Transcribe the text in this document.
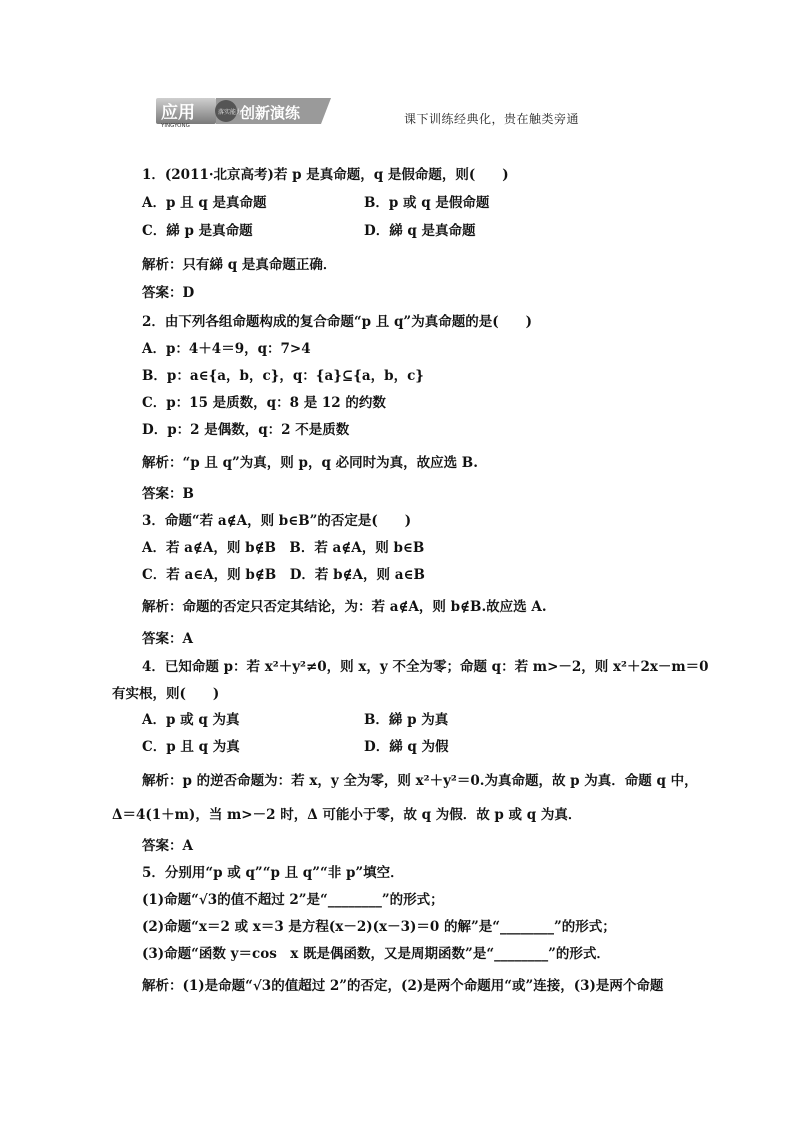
应用
YINGYONG
落实能力
创新演练	课下训练经典化，贵在触类旁通
1．(2011·北京高考)若 p 是真命题，q 是假命题，则(　　)
A．p 且 q 是真命题	B．p 或 q 是假命题
C．綈 p 是真命题	D．綈 q 是真命题
解析：只有綈 q 是真命题正确．
答案：D
2．由下列各组命题构成的复合命题“p 且 q”为真命题的是(　　)
A．p：4＋4＝9，q：7>4
B．p：a∈{a，b，c}，q：{a}⊆{a，b，c}
C．p：15 是质数，q：8 是 12 的约数
D．p：2 是偶数，q：2 不是质数
解析：“p 且 q”为真，则 p，q 必同时为真，故应选 B.
答案：B
3．命题“若 a∉A，则 b∈B”的否定是(　　)
A．若 a∉A，则 b∉B　B．若 a∉A，则 b∈B
C．若 a∈A，则 b∉B　D．若 b∉A，则 a∈B
解析：命题的否定只否定其结论，为：若 a∉A，则 b∉B.故应选 A.
答案：A
4．已知命题 p：若 x²＋y²≠0，则 x，y 不全为零；命题 q：若 m>－2，则 x²＋2x－m＝0
有实根，则(　　)
A．p 或 q 为真	B．綈 p 为真
C．p 且 q 为真	D．綈 q 为假
解析：p 的逆否命题为：若 x，y 全为零，则 x²＋y²＝0.为真命题，故 p 为真．命题 q 中，
Δ＝4(1＋m)，当 m>－2 时，Δ 可能小于零，故 q 为假．故 p 或 q 为真．
答案：A
5．分别用“p 或 q”“p 且 q”“非 p”填空．
(1)命题“√3的值不超过 2”是“________”的形式；
(2)命题“x＝2 或 x＝3 是方程(x－2)(x－3)＝0 的解”是“________”的形式；
(3)命题“函数 y＝cos　x 既是偶函数，又是周期函数”是“________”的形式．
解析：(1)是命题“√3的值超过 2”的否定，(2)是两个命题用“或”连接，(3)是两个命题
